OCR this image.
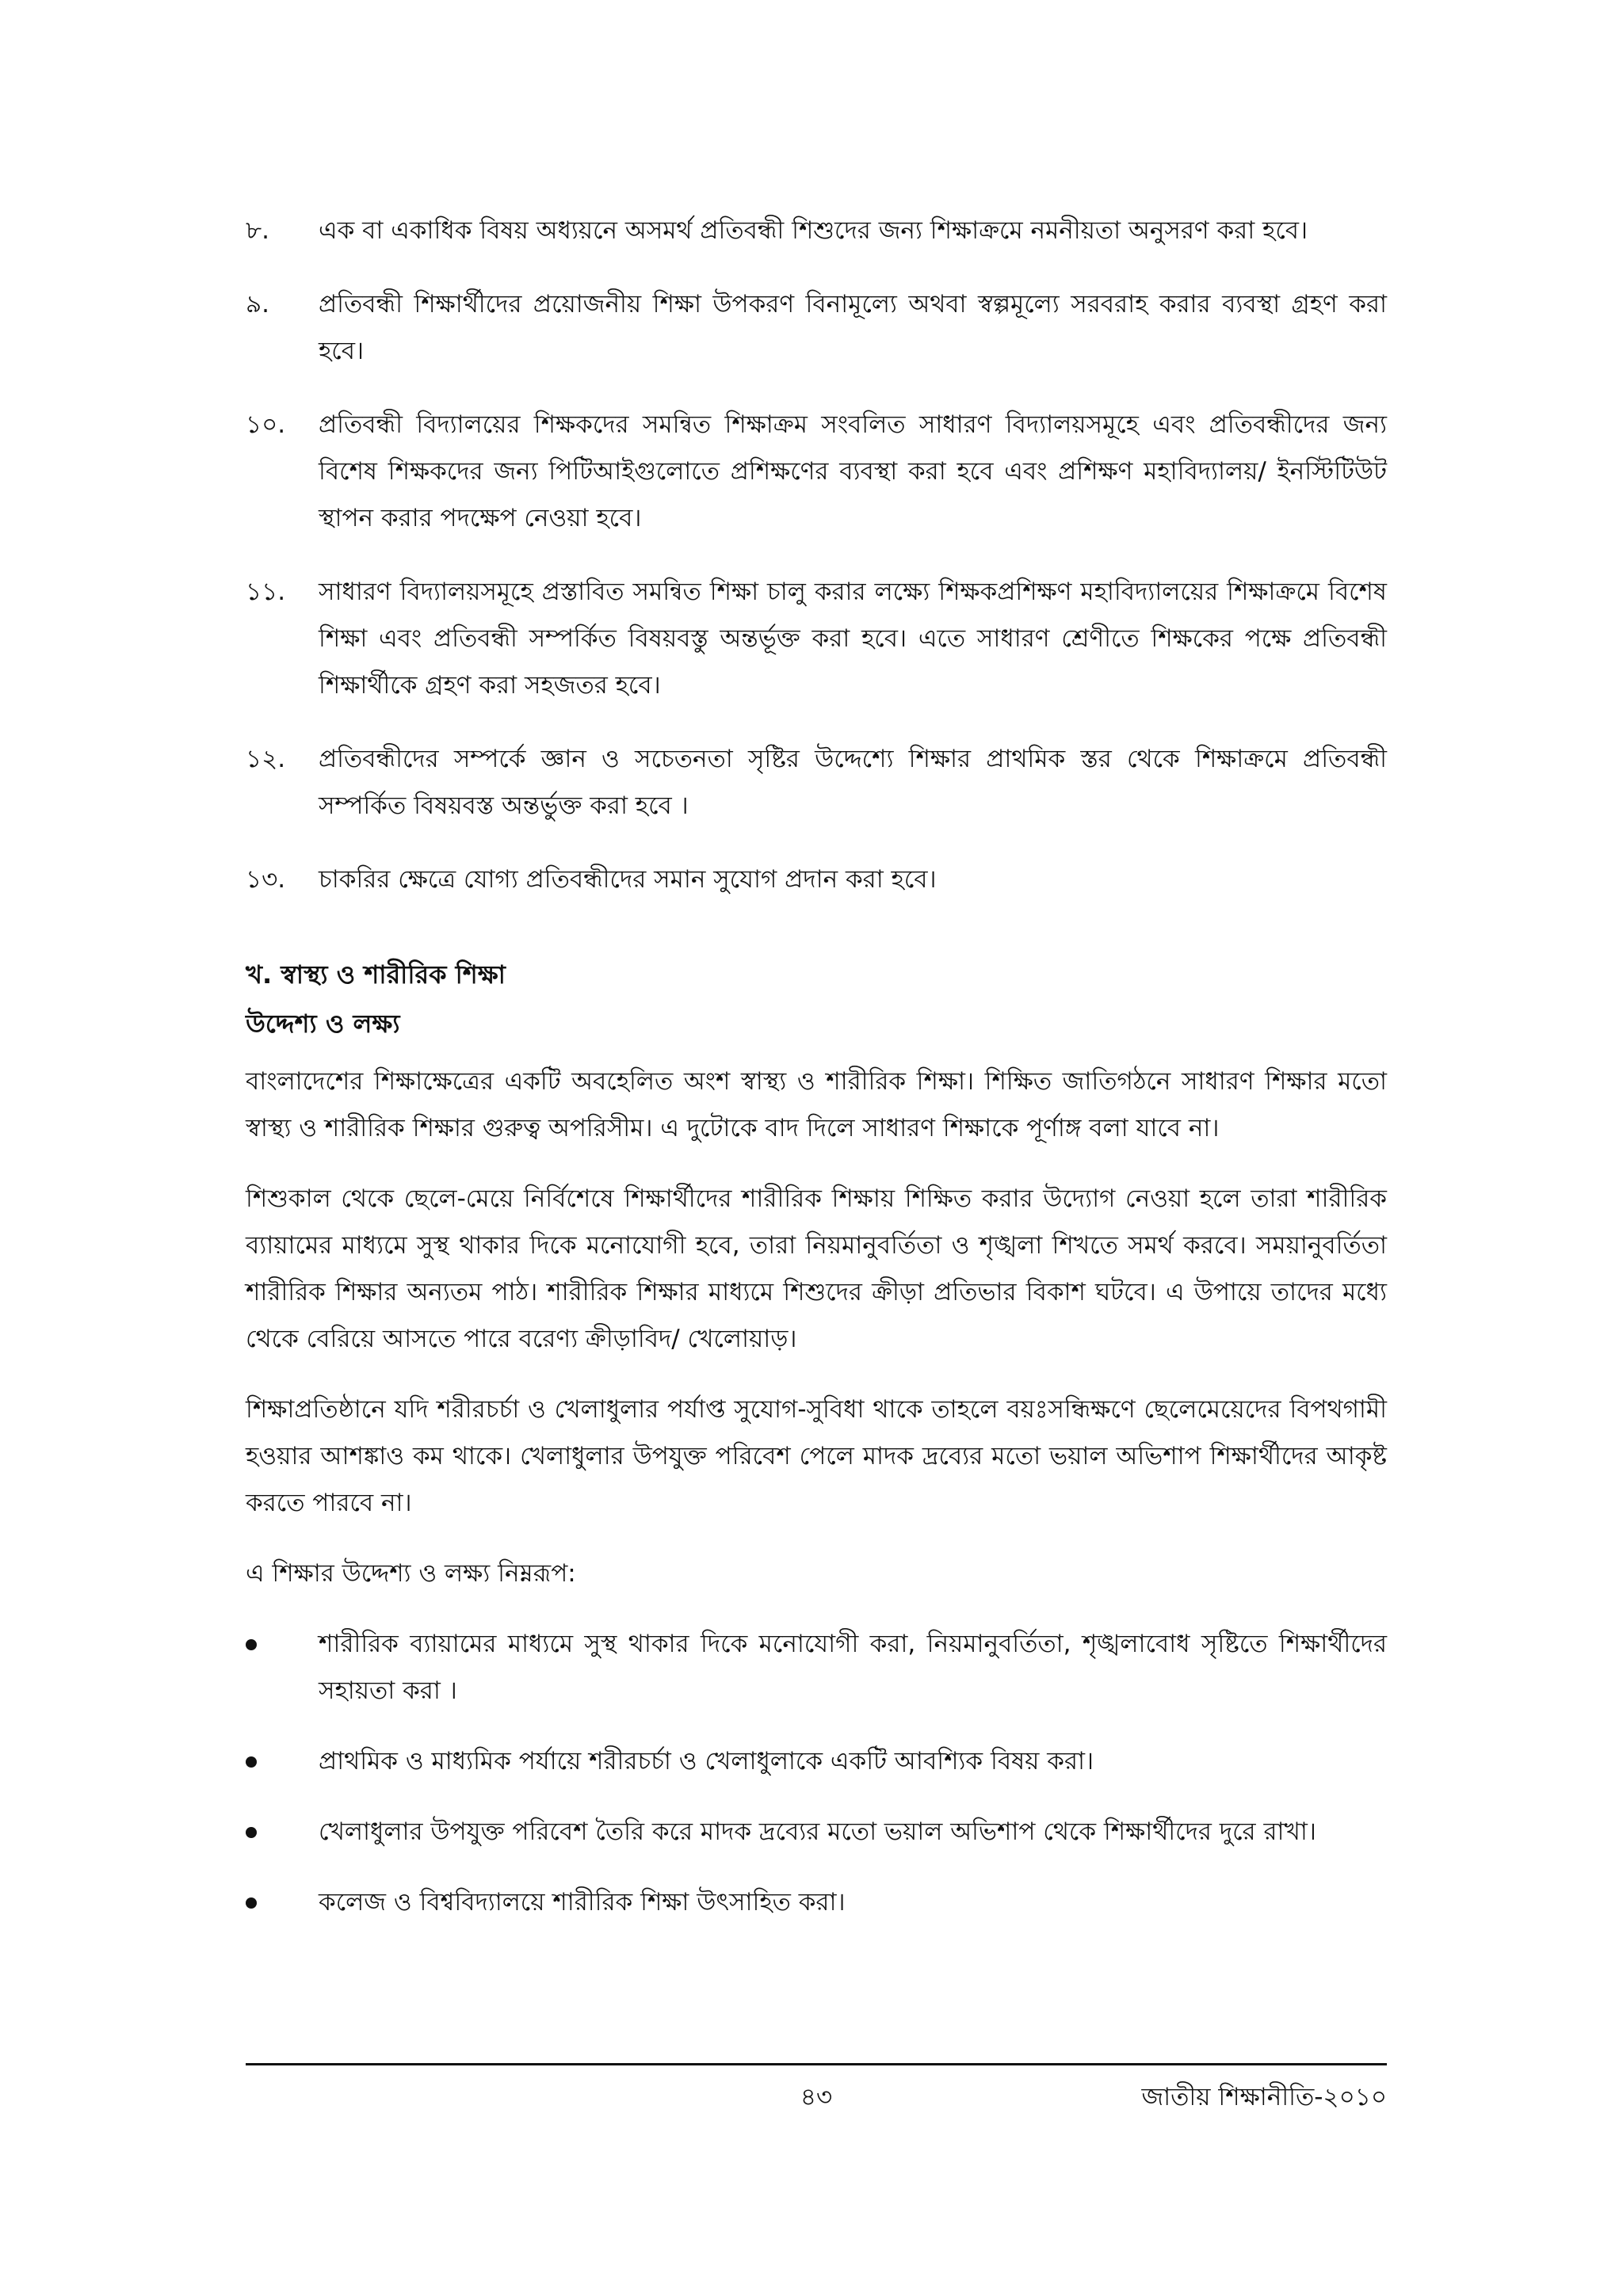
৮.	এক বা একাধিক বিষয় অধ্যয়নে অসমর্থ প্রতিবন্ধী শিশুদের জন্য শিক্ষাক্রমে নমনীয়তা অনুসরণ করা হবে।
৯.	প্রতিবন্ধী শিক্ষার্থীদের প্রয়োজনীয় শিক্ষা উপকরণ বিনামূল্যে অথবা স্বল্পমূল্যে সরবরাহ করার ব্যবস্থা গ্রহণ করা হবে।
১০.	প্রতিবন্ধী বিদ্যালয়ের শিক্ষকদের সমন্বিত শিক্ষাক্রম সংবলিত সাধারণ বিদ্যালয়সমূহে এবং প্রতিবন্ধীদের জন্য বিশেষ শিক্ষকদের জন্য পিটিআইগুলোতে প্রশিক্ষণের ব্যবস্থা করা হবে এবং প্রশিক্ষণ মহাবিদ্যালয়/ ইনস্টিটিউট স্থাপন করার পদক্ষেপ নেওয়া হবে।
১১.	সাধারণ বিদ্যালয়সমূহে প্রস্তাবিত সমন্বিত শিক্ষা চালু করার লক্ষ্যে শিক্ষকপ্রশিক্ষণ মহাবিদ্যালয়ের শিক্ষাক্রমে বিশেষ শিক্ষা এবং প্রতিবন্ধী সম্পর্কিত বিষয়বস্তু অন্তর্ভূক্ত করা হবে। এতে সাধারণ শ্রেণীতে শিক্ষকের পক্ষে প্রতিবন্ধী শিক্ষার্থীকে গ্রহণ করা সহজতর হবে।
১২.	প্রতিবন্ধীদের সম্পর্কে জ্ঞান ও সচেতনতা সৃষ্টির উদ্দেশ্যে শিক্ষার প্রাথমিক স্তর থেকে শিক্ষাক্রমে প্রতিবন্ধী সম্পর্কিত বিষয়বস্ত অন্তর্ভুক্ত করা হবে ।
১৩.	চাকরির ক্ষেত্রে যোগ্য প্রতিবন্ধীদের সমান সুযোগ প্রদান করা হবে।
খ. স্বাস্থ্য ও শারীরিক শিক্ষা
উদ্দেশ্য ও লক্ষ্য

বাংলাদেশের শিক্ষাক্ষেত্রের একটি অবহেলিত অংশ স্বাস্থ্য ও শারীরিক শিক্ষা। শিক্ষিত জাতিগঠনে সাধারণ শিক্ষার মতো স্বাস্থ্য ও শারীরিক শিক্ষার গুরুত্ব অপরিসীম। এ দুটোকে বাদ দিলে সাধারণ শিক্ষাকে পূর্ণাঙ্গ বলা যাবে না।

শিশুকাল থেকে ছেলে-মেয়ে নির্বিশেষে শিক্ষার্থীদের শারীরিক শিক্ষায় শিক্ষিত করার উদ্যোগ নেওয়া হলে তারা শারীরিক ব্যায়ামের মাধ্যমে সুস্থ থাকার দিকে মনোযোগী হবে, তারা নিয়মানুবর্তিতা ও শৃঙ্খলা শিখতে সমর্থ করবে। সময়ানুবর্তিতা শারীরিক শিক্ষার অন্যতম পাঠ। শারীরিক শিক্ষার মাধ্যমে শিশুদের ক্রীড়া প্রতিভার বিকাশ ঘটবে। এ উপায়ে তাদের মধ্যে থেকে বেরিয়ে আসতে পারে বরেণ্য ক্রীড়াবিদ/ খেলোয়াড়।

শিক্ষাপ্রতিষ্ঠানে যদি শরীরচর্চা ও খেলাধুলার পর্যাপ্ত সুযোগ-সুবিধা থাকে তাহলে বয়ঃসন্ধিক্ষণে ছেলেমেয়েদের বিপথগামী হওয়ার আশঙ্কাও কম থাকে। খেলাধুলার উপযুক্ত পরিবেশ পেলে মাদক দ্রব্যের মতো ভয়াল অভিশাপ শিক্ষার্থীদের আকৃষ্ট করতে পারবে না।

এ শিক্ষার উদ্দেশ্য ও লক্ষ্য নিম্নরূপ:

শারীরিক ব্যায়ামের মাধ্যমে সুস্থ থাকার দিকে মনোযোগী করা, নিয়মানুবর্তিতা, শৃঙ্খলাবোধ সৃষ্টিতে শিক্ষার্থীদের সহায়তা করা ।
প্রাথমিক ও মাধ্যমিক পর্যায়ে শরীরচর্চা ও খেলাধুলাকে একটি আবশ্যিক বিষয় করা।
খেলাধুলার উপযুক্ত পরিবেশ তৈরি করে মাদক দ্রব্যের মতো ভয়াল অভিশাপ থেকে শিক্ষার্থীদের দুরে রাখা।
কলেজ ও বিশ্ববিদ্যালয়ে শারীরিক শিক্ষা উৎসাহিত করা।
৪৩	জাতীয় শিক্ষানীতি-২০১০
